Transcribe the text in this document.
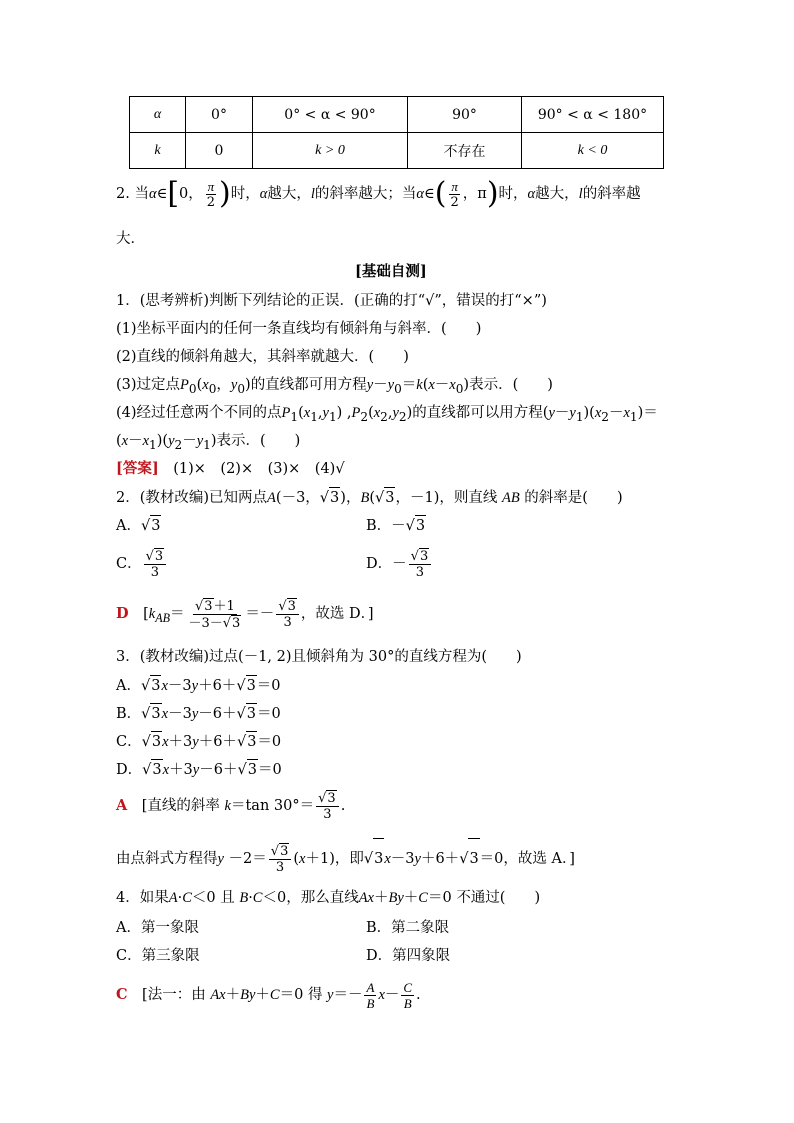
α	0°	0° < α < 90°	90°	90° < α < 180°
k	0	k > 0	不存在	k < 0
2. 当α∈[0， $\frac{\pi}{2}$ )时，α越大，l的斜率越大；当α∈( $\frac{\pi}{2}$ ，π)时，α越大，l的斜率越
大．
[基础自测]
1．(思考辨析)判断下列结论的正误．(正确的打“√”，错误的打“×”)
(1)坐标平面内的任何一条直线均有倾斜角与斜率．(　　)
(2)直线的倾斜角越大，其斜率就越大．(　　)
(3)过定点$P_0(x_0$，$y_0$)的直线都可用方程$y-y_0=k(x-x_0)$表示．(　　)
(4)经过任意两个不同的点$P_1(x_1,y_1)$ $,P_2(x_2,y_2)$的直线都可以用方程$(y-y_1)(x_2-x_1)=$
$(x-x_1)(y_2-y_1)$表示．(　　)
[答案]　 (1)×　(2)×　(3)×　(4)√
2．(教材改编)已知两点A(－3， √ 3)，B( √ 3，－1)，则直线 AB 的斜率是(　　)
A． √ 3	B．－ √ 3
C． √ $\frac{3}{3}$	D．－ √ $\frac{3}{3}$
D　[$k_{AB}=$ √ $\frac{3+1}{-3- √ 3}$ ＝－ √ $\frac{3}{3}$ ，故选 D．]
3．(教材改编)过点(－1, 2)且倾斜角为 30°的直线方程为(　　)
A． √ 3x－3y＋6＋ √ 3＝0
B． √ 3x－3y－6＋ √ 3＝0
C． √ 3x＋3y＋6＋ √ 3＝0
D． √ 3x＋3y－6＋ √ 3＝0
A　 [直线的斜率 k＝tan 30°＝ √ $\frac{3}{3}$ .
由点斜式方程得y －2＝ √ $\frac{3}{3} (x+1)$，即 √ 3x－3y＋6＋ √ 3＝0，故选 A．]
4．如果A·C＜0 且 B·C＜0，那么直线Ax＋By＋C＝0 不通过(　　)
A．第一象限	B．第二象限
C．第三象限	D．第四象限
C　 [法一：由 Ax＋By＋C＝0 得 $y=- \frac{A}{B} x- \frac{C}{B}$ .
